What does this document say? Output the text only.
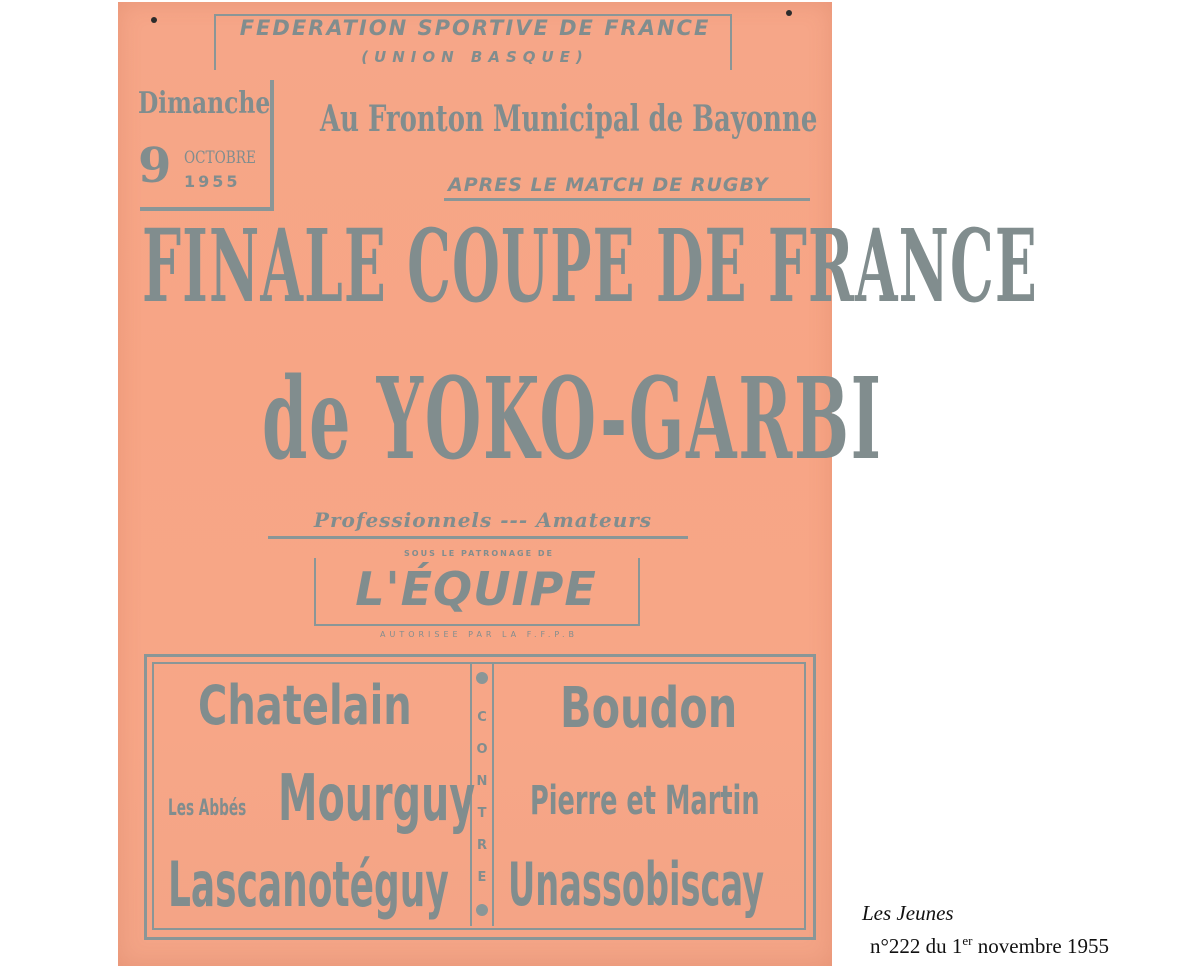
FEDERATION SPORTIVE DE FRANCE
(UNION BASQUE)
Dimanche
9 OCTOBRE
1955
Au Fronton Municipal de Bayonne
APRES LE MATCH DE RUGBY
FINALE COUPE DE FRANCE
de YOKO-GARBI
Professionnels --- Amateurs
SOUS LE PATRONAGE DE
L'ÉQUIPE
AUTORISEE PAR LA F.F.P.B
CONTRE
Chatelain
Les Abbés Mourguy
Lascanotéguy
Boudon
Pierre et Martin
Unassobiscay	Les Jeunes
n°222 du 1er novembre 1955
